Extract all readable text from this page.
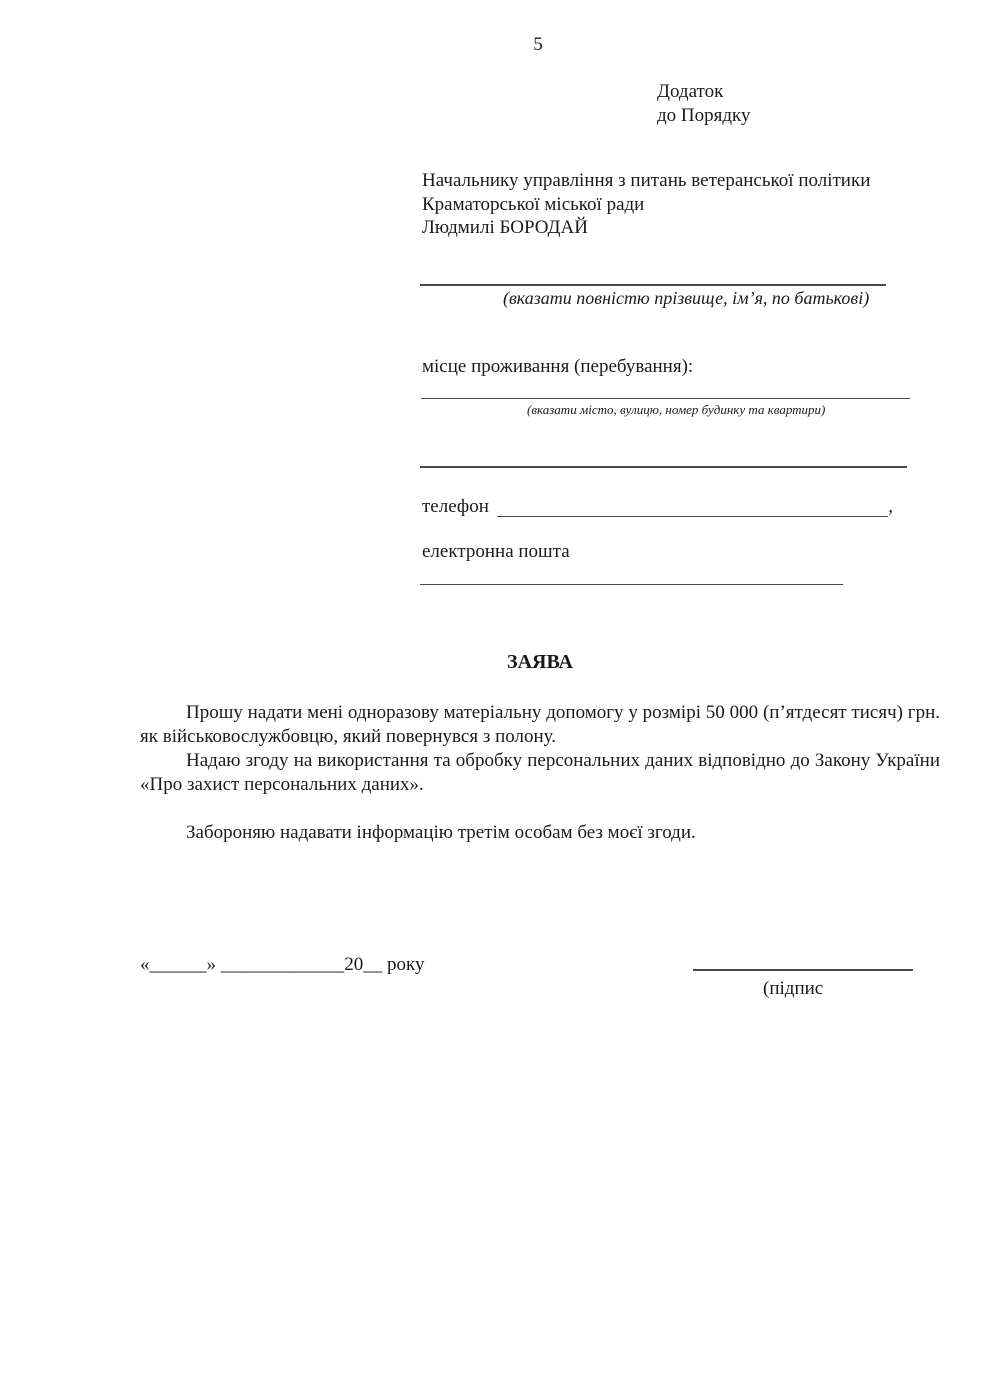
5
Додаток
до Порядку
Начальнику управління з питань ветеранської політики
Краматорської міської ради
Людмилі БОРОДАЙ
(вказати повністю прізвище, ім’я, по батькові)
місце проживання (перебування):
(вказати місто, вулицю, номер будинку та квартири)
телефон	,
електронна пошта
ЗАЯВА

Прошу надати мені одноразову матеріальну допомогу у розмірі 50 000 (п’ятдесят тисяч) грн. як військовослужбовцю, який повернувся з полону.

Надаю згоду на використання та обробку персональних даних відповідно до Закону України «Про захист персональних даних».

Забороняю надавати інформацію третім особам без моєї згоди.

«______» _____________20__ року
(підпис
